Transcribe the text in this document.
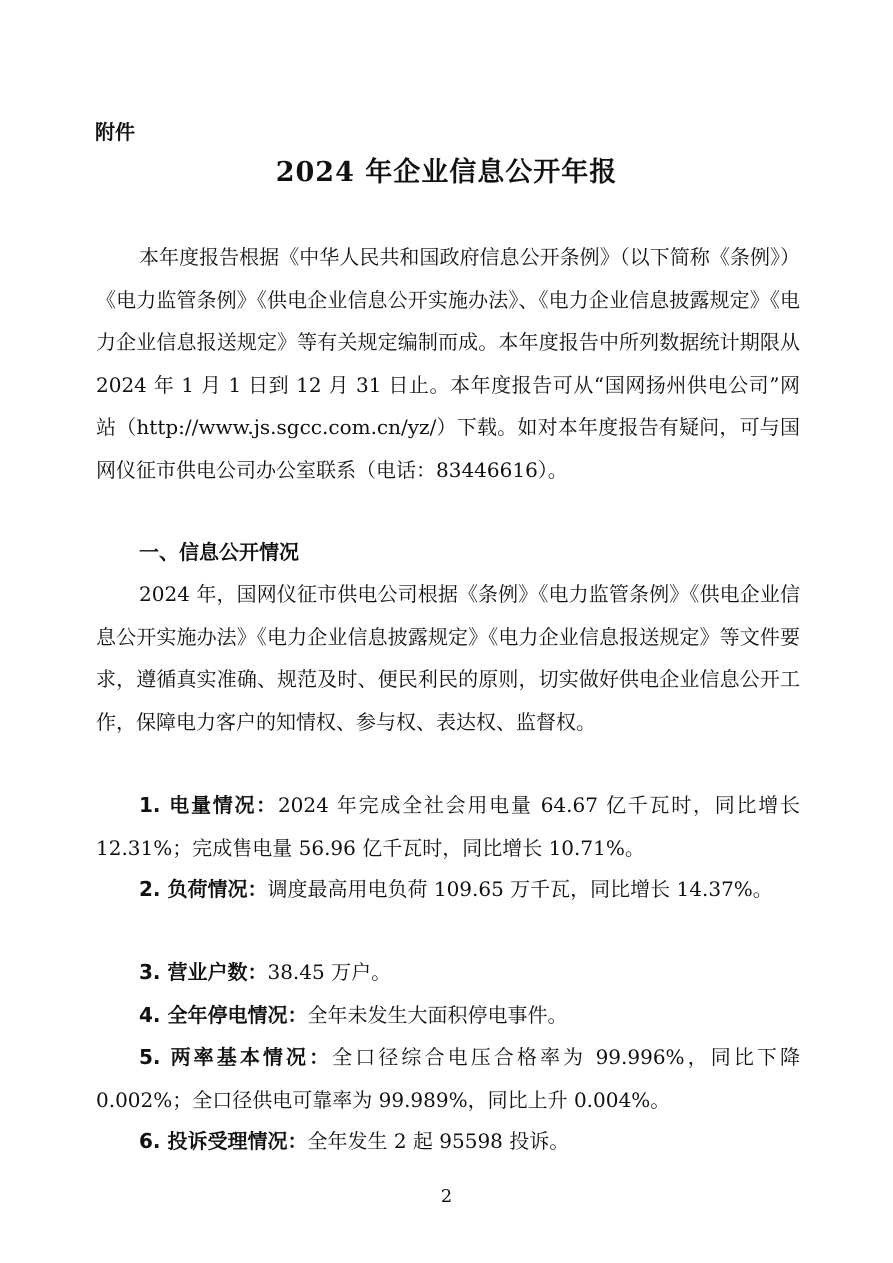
附件
2024 年企业信息公开年报

本年度报告根据《中华人民共和国政府信息公开条例》（以下简称《条例》）《电力监管条例》《供电企业信息公开实施办法》、《电力企业信息披露规定》《电力企业信息报送规定》等有关规定编制而成。本年度报告中所列数据统计期限从 2024 年 1 月 1 日到 12 月 31 日止。本年度报告可从“国网扬州供电公司”网站（http://www.js.sgcc.com.cn/yz/）下载。如对本年度报告有疑问，可与国网仪征市供电公司办公室联系（电话：83446616）。

一、信息公开情况

2024 年，国网仪征市供电公司根据《条例》《电力监管条例》《供电企业信息公开实施办法》《电力企业信息披露规定》《电力企业信息报送规定》等文件要求，遵循真实准确、规范及时、便民利民的原则，切实做好供电企业信息公开工作，保障电力客户的知情权、参与权、表达权、监督权。

1. 电量情况：2024 年完成全社会用电量 64.67 亿千瓦时，同比增长 12.31%；完成售电量 56.96 亿千瓦时，同比增长 10.71%。

2. 负荷情况：调度最高用电负荷 109.65 万千瓦，同比增长 14.37%。

3. 营业户数：38.45 万户。

4. 全年停电情况：全年未发生大面积停电事件。

5. 两率基本情况：全口径综合电压合格率为 99.996%，同比下降 0.002%；全口径供电可靠率为 99.989%，同比上升 0.004%。

6. 投诉受理情况：全年发生 2 起 95598 投诉。

2
